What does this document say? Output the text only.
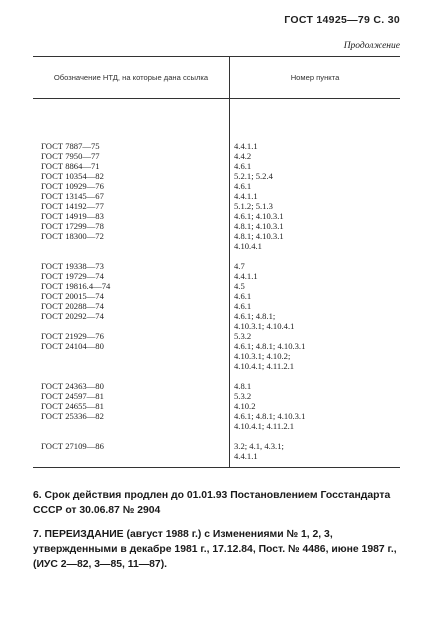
ГОСТ 14925—79 С. 30
Продолжение
Обозначение НТД, на которые дана ссылка	Номер пункта
ГОСТ 7887—75	4.4.1.1

ГОСТ 7950—77	4.4.2

ГОСТ 8864—71	4.6.1

ГОСТ 10354—82	5.2.1; 5.2.4

ГОСТ 10929—76	4.6.1

ГОСТ 13145—67	4.4.1.1

ГОСТ 14192—77	5.1.2; 5.1.3

ГОСТ 14919—83	4.6.1; 4.10.3.1

ГОСТ 17299—78	4.8.1; 4.10.3.1

ГОСТ 18300—72	4.8.1; 4.10.3.1
4.10.4.1

ГОСТ 19338—73	4.7

ГОСТ 19729—74	4.4.1.1

ГОСТ 19816.4—74	4.5

ГОСТ 20015—74	4.6.1

ГОСТ 20288—74	4.6.1

ГОСТ 20292—74	4.6.1; 4.8.1;
4.10.3.1; 4.10.4.1

ГОСТ 21929—76	5.3.2

ГОСТ 24104—80	4.6.1; 4.8.1; 4.10.3.1
4.10.3.1; 4.10.2;
4.10.4.1; 4.11.2.1

ГОСТ 24363—80	4.8.1

ГОСТ 24597—81	5.3.2

ГОСТ 24655—81	4.10.2

ГОСТ 25336—82	4.6.1; 4.8.1; 4.10.3.1
4.10.4.1; 4.11.2.1

ГОСТ 27109—86	3.2; 4.1, 4.3.1;
4.4.1.1
6. Срок действия продлен до 01.01.93 Постановлением Госстандарта СССР от 30.06.87 № 2904
7. ПЕРЕИЗДАНИЕ (август 1988 г.) с Изменениями № 1, 2, 3, утвержденными в декабре 1981 г., 17.12.84, Пост. № 4486, июне 1987 г., (ИУС 2—82, 3—85, 11—87).
